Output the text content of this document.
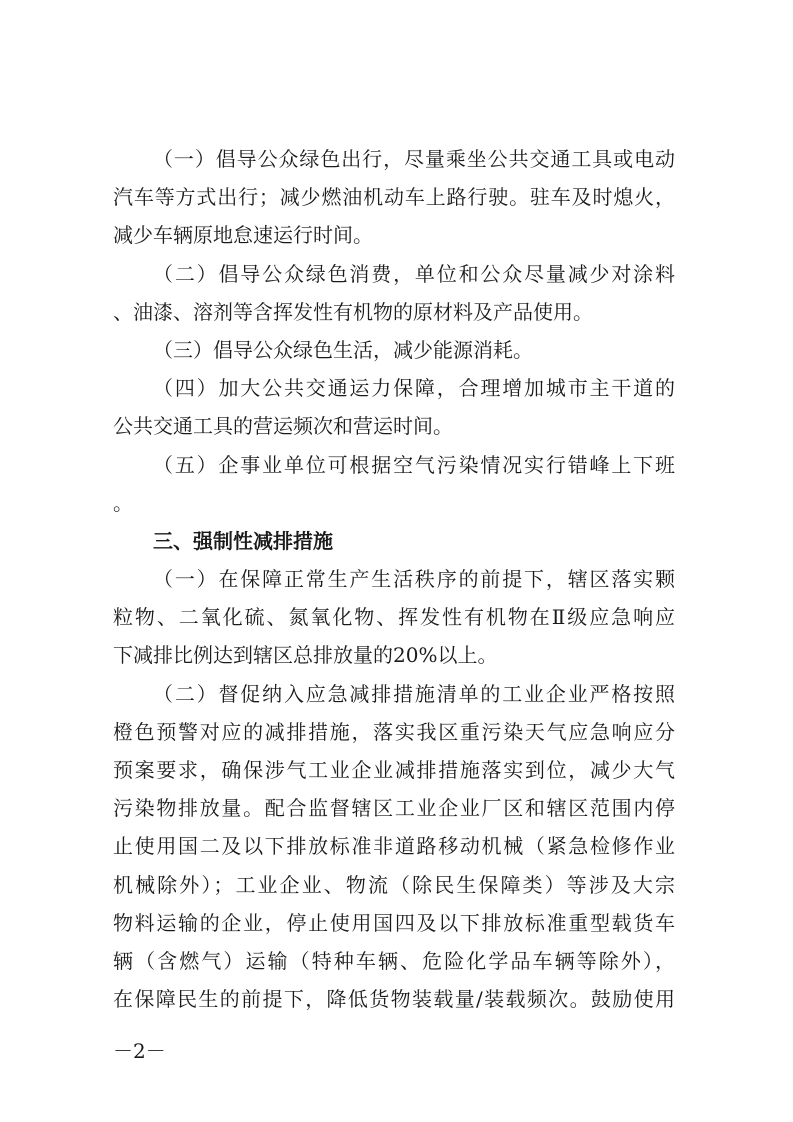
（一）倡导公众绿色出行，尽量乘坐公共交通工具或电动
汽车等方式出行；减少燃油机动车上路行驶。驻车及时熄火，
减少车辆原地怠速运行时间。
（二）倡导公众绿色消费，单位和公众尽量减少对涂料
、油漆、溶剂等含挥发性有机物的原材料及产品使用。
（三）倡导公众绿色生活，减少能源消耗。
（四）加大公共交通运力保障，合理增加城市主干道的
公共交通工具的营运频次和营运时间。
（五）企事业单位可根据空气污染情况实行错峰上下班
。
三、强制性减排措施
（一）在保障正常生产生活秩序的前提下，辖区落实颗
粒物、二氧化硫、氮氧化物、挥发性有机物在Ⅱ级应急响应
下减排比例达到辖区总排放量的20%以上。
（二）督促纳入应急减排措施清单的工业企业严格按照
橙色预警对应的减排措施，落实我区重污染天气应急响应分
预案要求，确保涉气工业企业减排措施落实到位，减少大气
污染物排放量。配合监督辖区工业企业厂区和辖区范围内停
止使用国二及以下排放标准非道路移动机械（紧急检修作业
机械除外）；工业企业、物流（除民生保障类）等涉及大宗
物料运输的企业，停止使用国四及以下排放标准重型载货车
辆（含燃气）运输（特种车辆、危险化学品车辆等除外），
在保障民生的前提下，降低货物装载量/装载频次。鼓励使用
－2－
